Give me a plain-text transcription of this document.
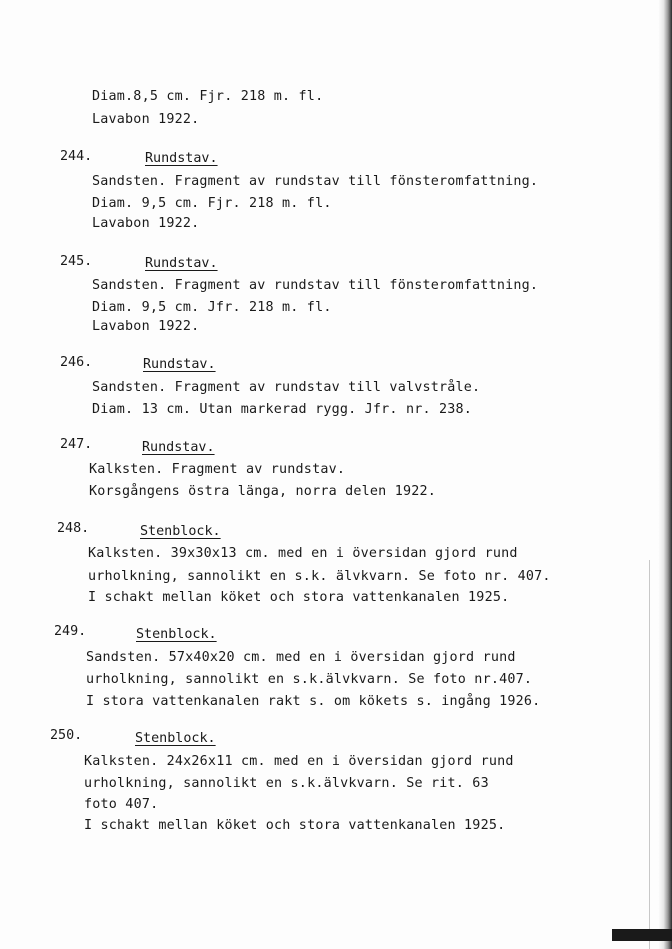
Diam.8,5 cm. Fjr. 218 m. fl.
Lavabon 1922.
244.	Rundstav.
Sandsten. Fragment av rundstav till fönsteromfattning.
Diam. 9,5 cm. Fjr. 218 m. fl.
Lavabon 1922.
245.	Rundstav.
Sandsten. Fragment av rundstav till fönsteromfattning.
Diam. 9,5 cm. Jfr. 218 m. fl.
Lavabon 1922.
246.	Rundstav.
Sandsten. Fragment av rundstav till valvstråle.
Diam. 13 cm. Utan markerad rygg. Jfr. nr. 238.
247.	Rundstav.
Kalksten. Fragment av rundstav.
Korsgångens östra länga, norra delen 1922.
248.	Stenblock.
Kalksten. 39x30x13 cm. med en i översidan gjord rund
urholkning, sannolikt en s.k. älvkvarn. Se foto nr. 407.
I schakt mellan köket och stora vattenkanalen 1925.
249.	Stenblock.
Sandsten. 57x40x20 cm. med en i översidan gjord rund
urholkning, sannolikt en s.k.älvkvarn. Se foto nr.407.
I stora vattenkanalen rakt s. om kökets s. ingång 1926.
250.	Stenblock.
Kalksten. 24x26x11 cm. med en i översidan gjord rund
urholkning, sannolikt en s.k.älvkvarn. Se rit. 63
foto 407.
I schakt mellan köket och stora vattenkanalen 1925.
